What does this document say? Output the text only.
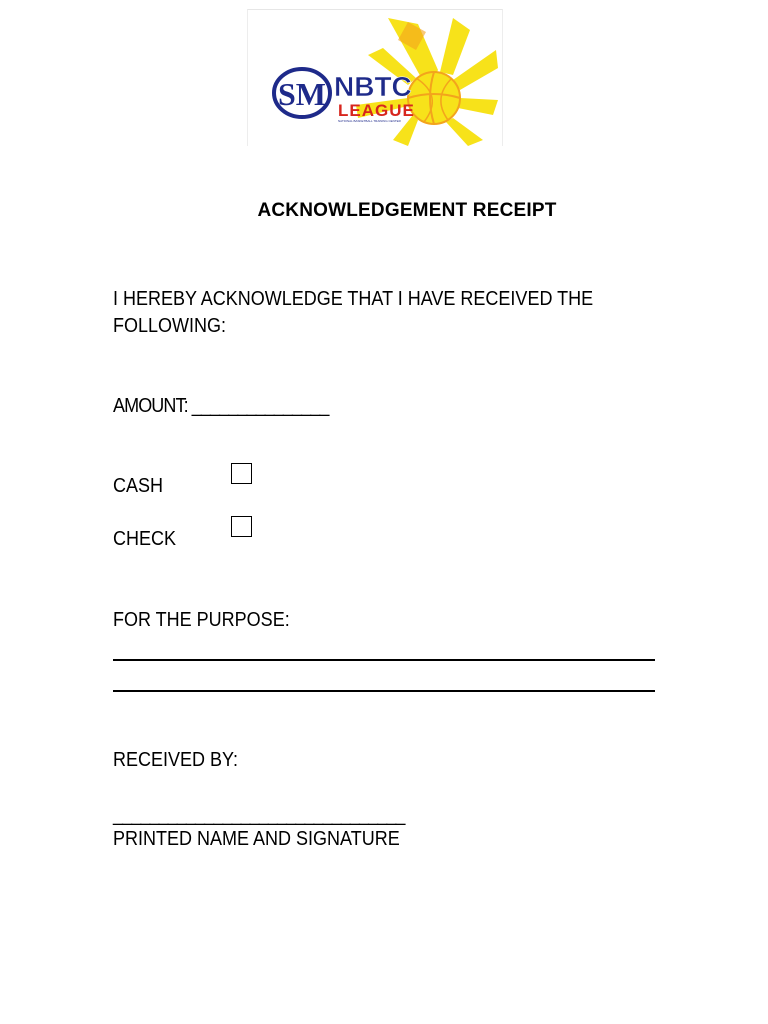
SM NBTC
LEAGUE
NATIONAL BASKETBALL TRAINING CENTER
ACKNOWLEDGEMENT RECEIPT
I HEREBY ACKNOWLEDGE THAT I HAVE RECEIVED THE
FOLLOWING:
AMOUNT: _______________
CASH
CHECK
FOR THE PURPOSE:
RECEIVED BY:
________________________________
PRINTED NAME AND SIGNATURE
